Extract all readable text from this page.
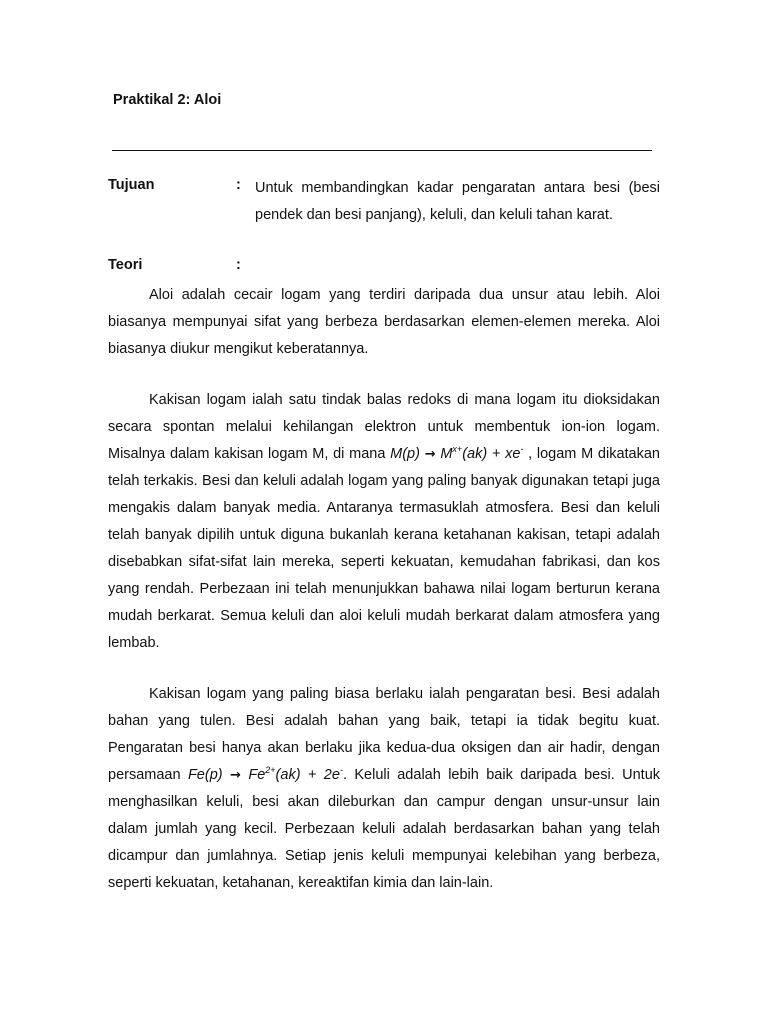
Praktikal 2: Aloi
Tujuan	: Untuk membandingkan kadar pengaratan antara besi (besi pendek dan besi panjang), keluli, dan keluli tahan karat.
Teori	:
Aloi adalah cecair logam yang terdiri daripada dua unsur atau lebih. Aloi biasanya mempunyai sifat yang berbeza berdasarkan elemen-elemen mereka. Aloi biasanya diukur mengikut keberatannya.
Kakisan logam ialah satu tindak balas redoks di mana logam itu dioksidakan secara spontan melalui kehilangan elektron untuk membentuk ion-ion logam. Misalnya dalam kakisan logam M, di mana $M(p) \to M^{x+}(ak) + xe^-$ , logam M dikatakan telah terkakis. Besi dan keluli adalah logam yang paling banyak digunakan tetapi juga mengakis dalam banyak media. Antaranya termasuklah atmosfera. Besi dan keluli telah banyak dipilih untuk diguna bukanlah kerana ketahanan kakisan, tetapi adalah disebabkan sifat-sifat lain mereka, seperti kekuatan, kemudahan fabrikasi, dan kos yang rendah. Perbezaan ini telah menunjukkan bahawa nilai logam berturun kerana mudah berkarat. Semua keluli dan aloi keluli mudah berkarat dalam atmosfera yang lembab.
Kakisan logam yang paling biasa berlaku ialah pengaratan besi. Besi adalah bahan yang tulen. Besi adalah bahan yang baik, tetapi ia tidak begitu kuat. Pengaratan besi hanya akan berlaku jika kedua-dua oksigen dan air hadir, dengan persamaan $Fe(p) \to Fe^{2+}(ak) + 2e^-$. Keluli adalah lebih baik daripada besi. Untuk menghasilkan keluli, besi akan dileburkan dan campur dengan unsur-unsur lain dalam jumlah yang kecil. Perbezaan keluli adalah berdasarkan bahan yang telah dicampur dan jumlahnya. Setiap jenis keluli mempunyai kelebihan yang berbeza, seperti kekuatan, ketahanan, kereaktifan kimia dan lain-lain.
